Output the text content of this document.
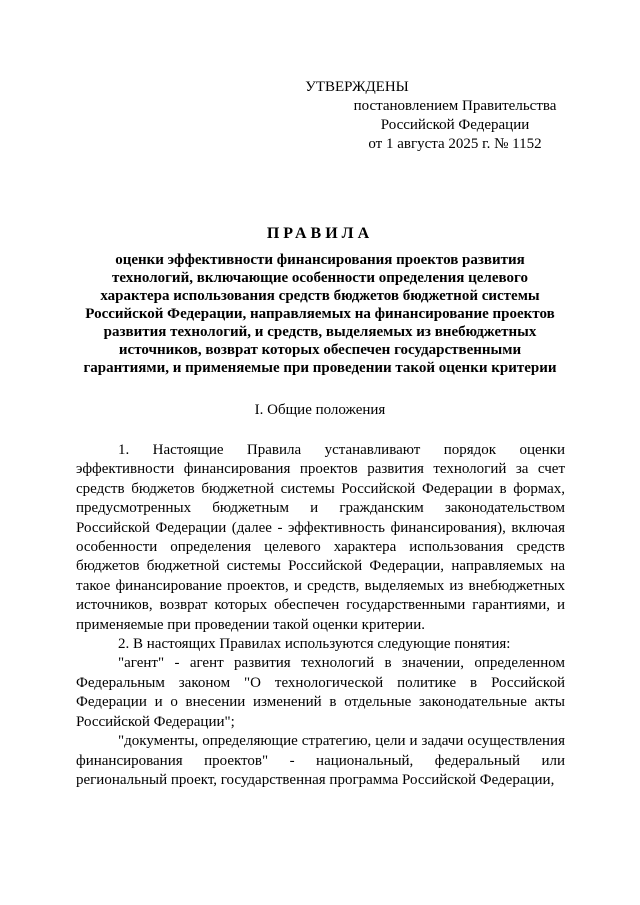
УТВЕРЖДЕНЫ
постановлением Правительства
Российской Федерации
от 1 августа 2025 г. № 1152
ПРАВИЛА
оценки эффективности финансирования проектов развития технологий, включающие особенности определения целевого характера использования средств бюджетов бюджетной системы Российской Федерации, направляемых на финансирование проектов развития технологий, и средств, выделяемых из внебюджетных источников, возврат которых обеспечен государственными гарантиями, и применяемые при проведении такой оценки критерии
I. Общие положения

1. Настоящие Правила устанавливают порядок оценки эффективности финансирования проектов развития технологий за счет средств бюджетов бюджетной системы Российской Федерации в формах, предусмотренных бюджетным и гражданским законодательством Российской Федерации (далее - эффективность финансирования), включая особенности определения целевого характера использования средств бюджетов бюджетной системы Российской Федерации, направляемых на такое финансирование проектов, и средств, выделяемых из внебюджетных источников, возврат которых обеспечен государственными гарантиями, и применяемые при проведении такой оценки критерии.

2. В настоящих Правилах используются следующие понятия:

"агент" - агент развития технологий в значении, определенном Федеральным законом "О технологической политике в Российской Федерации и о внесении изменений в отдельные законодательные акты Российской Федерации";

"документы, определяющие стратегию, цели и задачи осуществления финансирования проектов" - национальный, федеральный или региональный проект, государственная программа Российской Федерации,
